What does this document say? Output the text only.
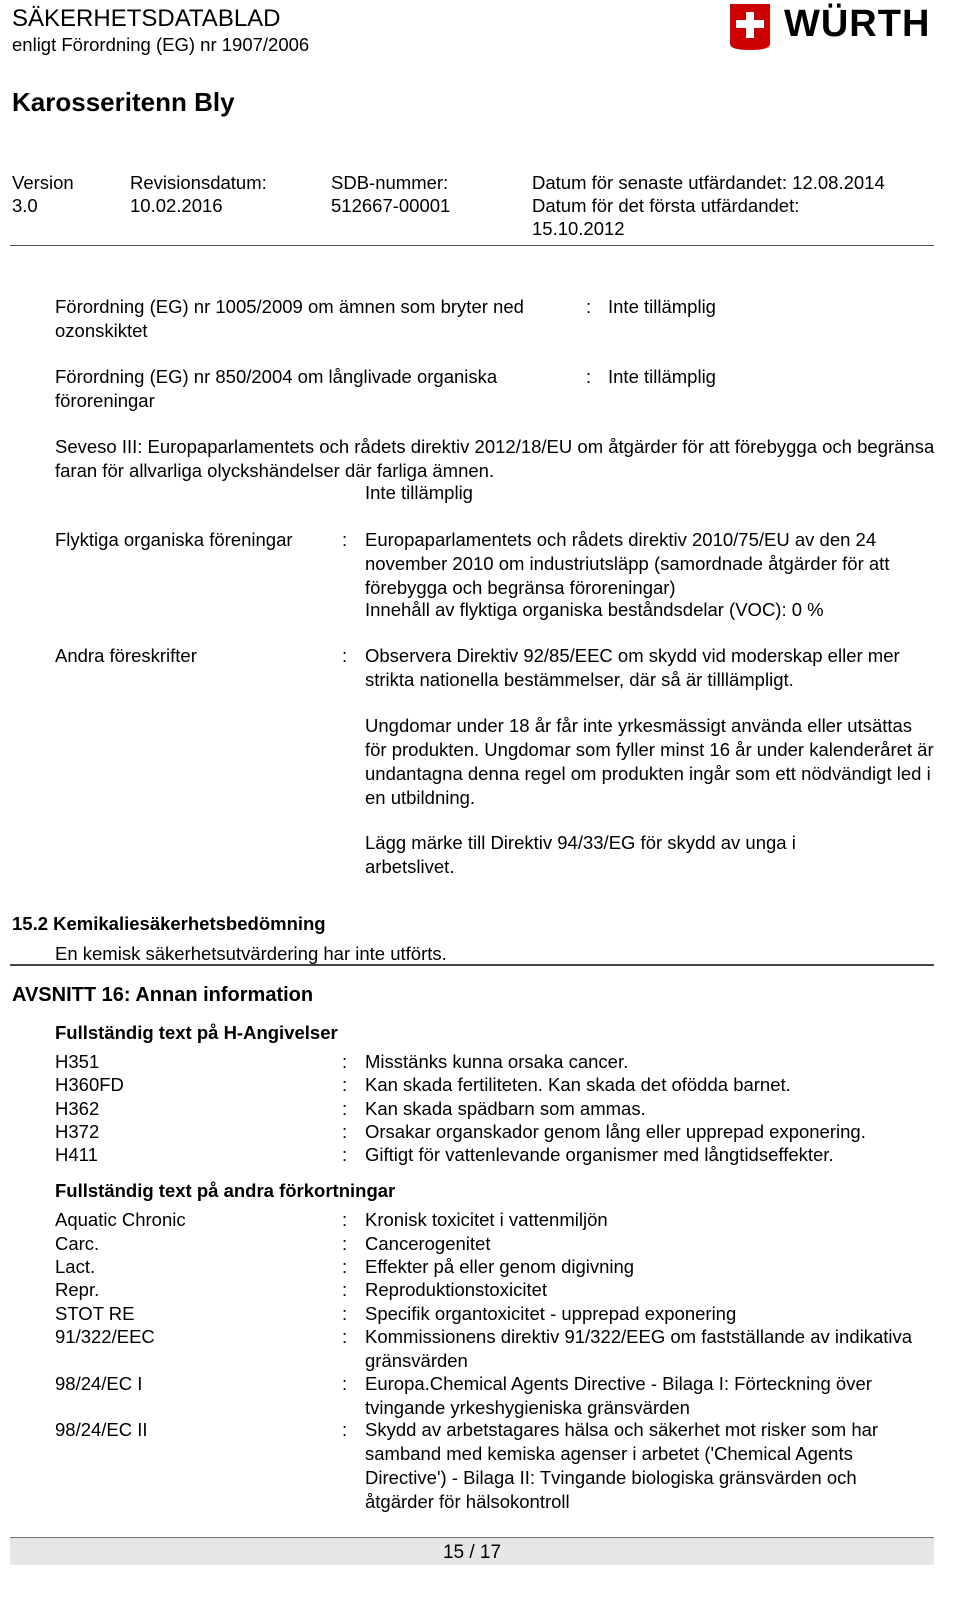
SÄKERHETSDATABLAD
enligt Förordning (EG) nr 1907/2006	WÜRTH
Karosseritenn Bly
Version
3.0
Revisionsdatum:
10.02.2016
SDB-nummer:
512667-00001
Datum för senaste utfärdandet: 12.08.2014
Datum för det första utfärdandet:
15.10.2012
Förordning (EG) nr 1005/2009 om ämnen som bryter ned ozonskiktet
: Inte tillämplig
Förordning (EG) nr 850/2004 om långlivade organiska föroreningar
: Inte tillämplig
Seveso III: Europaparlamentets och rådets direktiv 2012/18/EU om åtgärder för att förebygga och begränsa faran för allvarliga olyckshändelser där farliga ämnen.
Inte tillämplig
Flyktiga organiska föreningar	: Europaparlamentets och rådets direktiv 2010/75/EU av den 24 november 2010 om industriutsläpp (samordnade åtgärder för att förebygga och begränsa föroreningar)
Innehåll av flyktiga organiska beståndsdelar (VOC): 0 %
Andra föreskrifter	: Observera Direktiv 92/85/EEC om skydd vid moderskap eller mer strikta nationella bestämmelser, där så är tilllämpligt.
Ungdomar under 18 år får inte yrkesmässigt använda eller utsättas för produkten. Ungdomar som fyller minst 16 år under kalenderåret är undantagna denna regel om produkten ingår som ett nödvändigt led i en utbildning.
Lägg märke till Direktiv 94/33/EG för skydd av unga i arbetslivet.
15.2 Kemikaliesäkerhetsbedömning
En kemisk säkerhetsutvärdering har inte utförts.
AVSNITT 16: Annan information
Fullständig text på H-Angivelser
H351	: Misstänks kunna orsaka cancer.
H360FD	: Kan skada fertiliteten. Kan skada det ofödda barnet.
H362	: Kan skada spädbarn som ammas.
H372	: Orsakar organskador genom lång eller upprepad exponering.
H411	: Giftigt för vattenlevande organismer med långtidseffekter.
Fullständig text på andra förkortningar
Aquatic Chronic	: Kronisk toxicitet i vattenmiljön
Carc.	: Cancerogenitet
Lact.	: Effekter på eller genom digivning
Repr.	: Reproduktionstoxicitet
STOT RE	: Specifik organtoxicitet - upprepad exponering
91/322/EEC	: Kommissionens direktiv 91/322/EEG om fastställande av indikativa gränsvärden
98/24/EC I	: Europa.Chemical Agents Directive - Bilaga I: Förteckning över tvingande yrkeshygieniska gränsvärden
98/24/EC II	: Skydd av arbetstagares hälsa och säkerhet mot risker som har samband med kemiska agenser i arbetet ('Chemical Agents Directive') - Bilaga II: Tvingande biologiska gränsvärden och åtgärder för hälsokontroll
15 / 17
